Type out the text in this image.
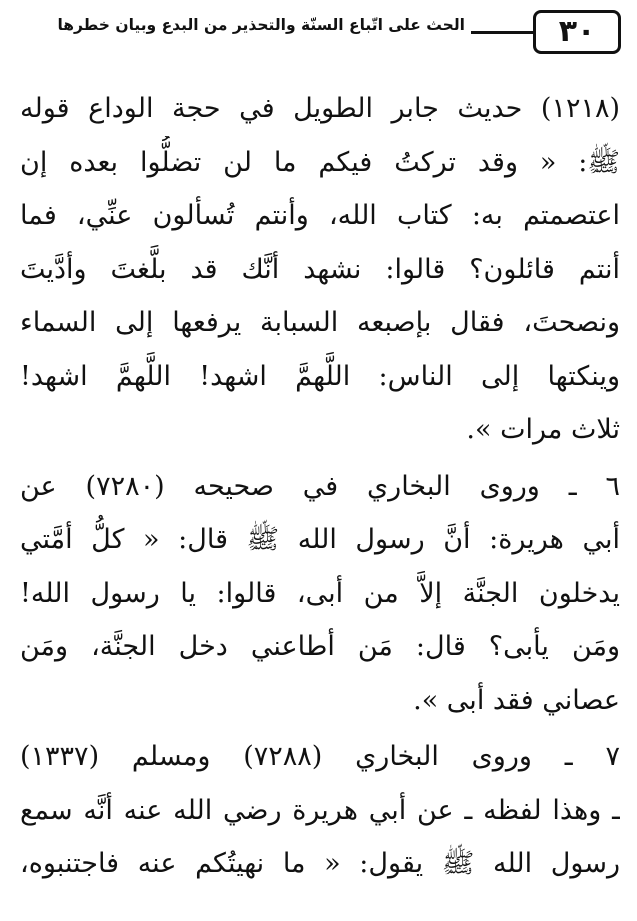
٣٠
الحث على اتّباع السنّة والتحذير من البدع وبيان خطرها
(١٢١٨) حديث جابر الطويل في حجة الوداع قوله
ﷺ: « وقد تركتُ فيكم ما لن تضلُّوا بعده إن
اعتصمتم به: كتاب الله، وأنتم تُسألون عنِّي، فما
أنتم قائلون؟ قالوا: نشهد أنَّك قد بلَّغتَ وأدَّيتَ
ونصحتَ، فقال بإصبعه السبابة يرفعها إلى السماء
وينكتها إلى الناس: اللَّهمَّ اشهد! اللَّهمَّ اشهد!
ثلاث مرات ».
٦ ـ وروى البخاري في صحيحه (٧٢٨٠) عن
أبي هريرة: أنَّ رسول الله ﷺ قال: « كلُّ أمَّتي
يدخلون الجنَّة إلاَّ من أبى، قالوا: يا رسول الله!
ومَن يأبى؟ قال: مَن أطاعني دخل الجنَّة، ومَن
عصاني فقد أبى ».
٧ ـ وروى البخاري (٧٢٨٨) ومسلم (١٣٣٧)
ـ وهذا لفظه ـ عن أبي هريرة رضي الله عنه أنَّه سمع
رسول الله ﷺ يقول: « ما نهيتُكم عنه فاجتنبوه،
